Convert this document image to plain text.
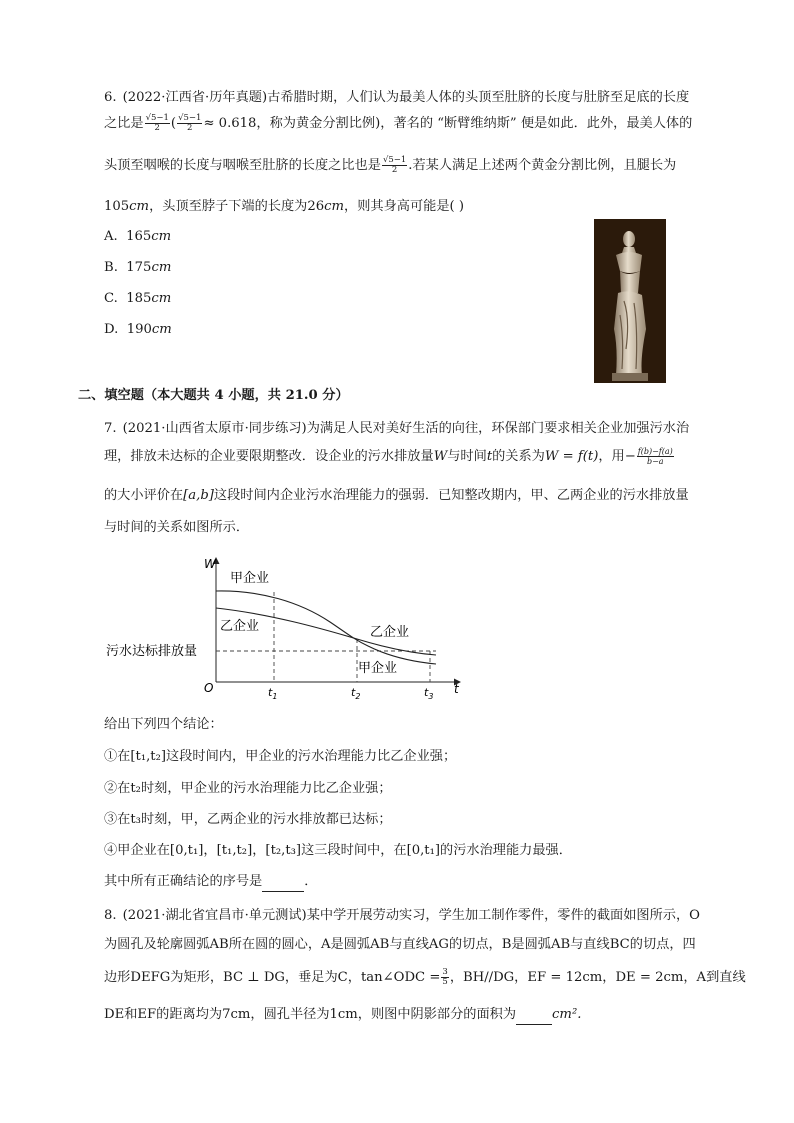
6. (2022·江西省·历年真题)古希腊时期，人们认为最美人体的头顶至肚脐的长度与肚脐至足底的长度
之比是 $\frac{√5-1}{2}$ ( $\frac{√5-1}{2} \approx 0.618$，称为黄金分割比例)，著名的 “断臂维纳斯” 便是如此．此外，最美人体的
头顶至咽喉的长度与咽喉至肚脐的长度之比也是 $\frac{√5-1}{2}$ .若某人满足上述两个黄金分割比例，且腿长为
105cm，头顶至脖子下端的长度为26cm，则其身高可能是( )
A. 165cm
B. 175cm
C. 185cm
D. 190cm
二、填空题（本大题共 4 小题，共 21.0 分）
7. (2021·山西省太原市·同步练习)为满足人民对美好生活的向往，环保部门要求相关企业加强污水治
理，排放未达标的企业要限期整改．设企业的污水排放量W与时间t的关系为W = f(t)，用− $\frac{f(b)-f(a)}{b-a}$
的大小评价在[a,b]这段时间内企业污水治理能力的强弱．已知整改期内，甲、乙两企业的污水排放量
与时间的关系如图所示．
W
O	t
$t_1$	$t_2$	$t_3$
甲企业
乙企业	乙企业
甲企业
污水达标排放量
给出下列四个结论：
①在[t₁,t₂]这段时间内，甲企业的污水治理能力比乙企业强；
②在t₂时刻，甲企业的污水治理能力比乙企业强；
③在t₃时刻，甲，乙两企业的污水排放都已达标；
④甲企业在[0,t₁]，[t₁,t₂]，[t₂,t₃]这三段时间中，在[0,t₁]的污水治理能力最强．
其中所有正确结论的序号是	．
8. (2021·湖北省宜昌市·单元测试)某中学开展劳动实习，学生加工制作零件，零件的截面如图所示，O
为圆孔及轮廓圆弧AB所在圆的圆心，A是圆弧AB与直线AG的切点，B是圆弧AB与直线BC的切点，四
边形DEFG为矩形，BC ⊥ DG，垂足为C，tan∠ODC = $\frac{3}{5}$ ，BH//DG，EF = 12cm，DE = 2cm，A到直线
DE和EF的距离均为7cm，圆孔半径为1cm，则图中阴影部分的面积为	cm².
